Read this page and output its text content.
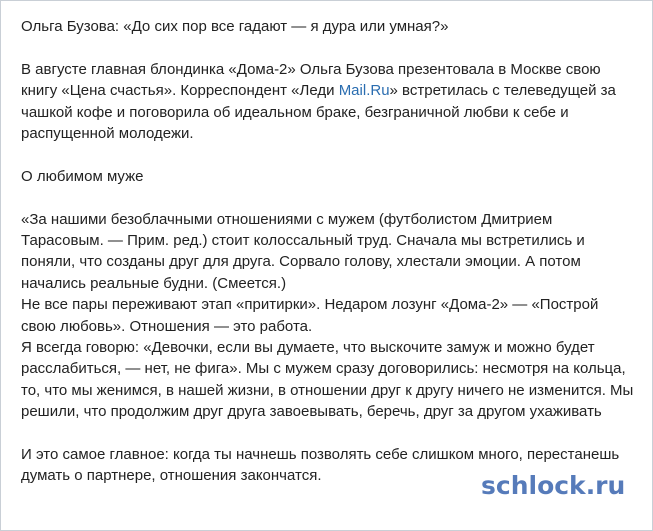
Ольга Бузова: «До сих пор все гадают — я дура или умная?»

В августе главная блондинка «Дома-2» Ольга Бузова презентовала в Москве свою книгу «Цена счастья». Корреспондент «Леди Mail.Ru» встретилась с телеведущей за чашкой кофе и поговорила об идеальном браке, безграничной любви к себе и распущенной молодежи.

О любимом муже

«За нашими безоблачными отношениями с мужем (футболистом Дмитрием Тарасовым. — Прим. ред.) стоит колоссальный труд. Сначала мы встретились и поняли, что созданы друг для друга. Сорвало голову, хлестали эмоции. А потом начались реальные будни. (Смеется.)

Не все пары переживают этап «притирки». Недаром лозунг «Дома-2» — «Построй свою любовь». Отношения — это работа.

Я всегда говорю: «Девочки, если вы думаете, что выскочите замуж и можно будет расслабиться, — нет, не фига». Мы с мужем сразу договорились: несмотря на кольца, то, что мы женимся, в нашей жизни, в отношении друг к другу ничего не изменится. Мы решили, что продолжим друг друга завоевывать, беречь, друг за другом ухаживать

И это самое главное: когда ты начнешь позволять себе слишком много, перестанешь думать о партнере, отношения закончатся.	schlock.ru
